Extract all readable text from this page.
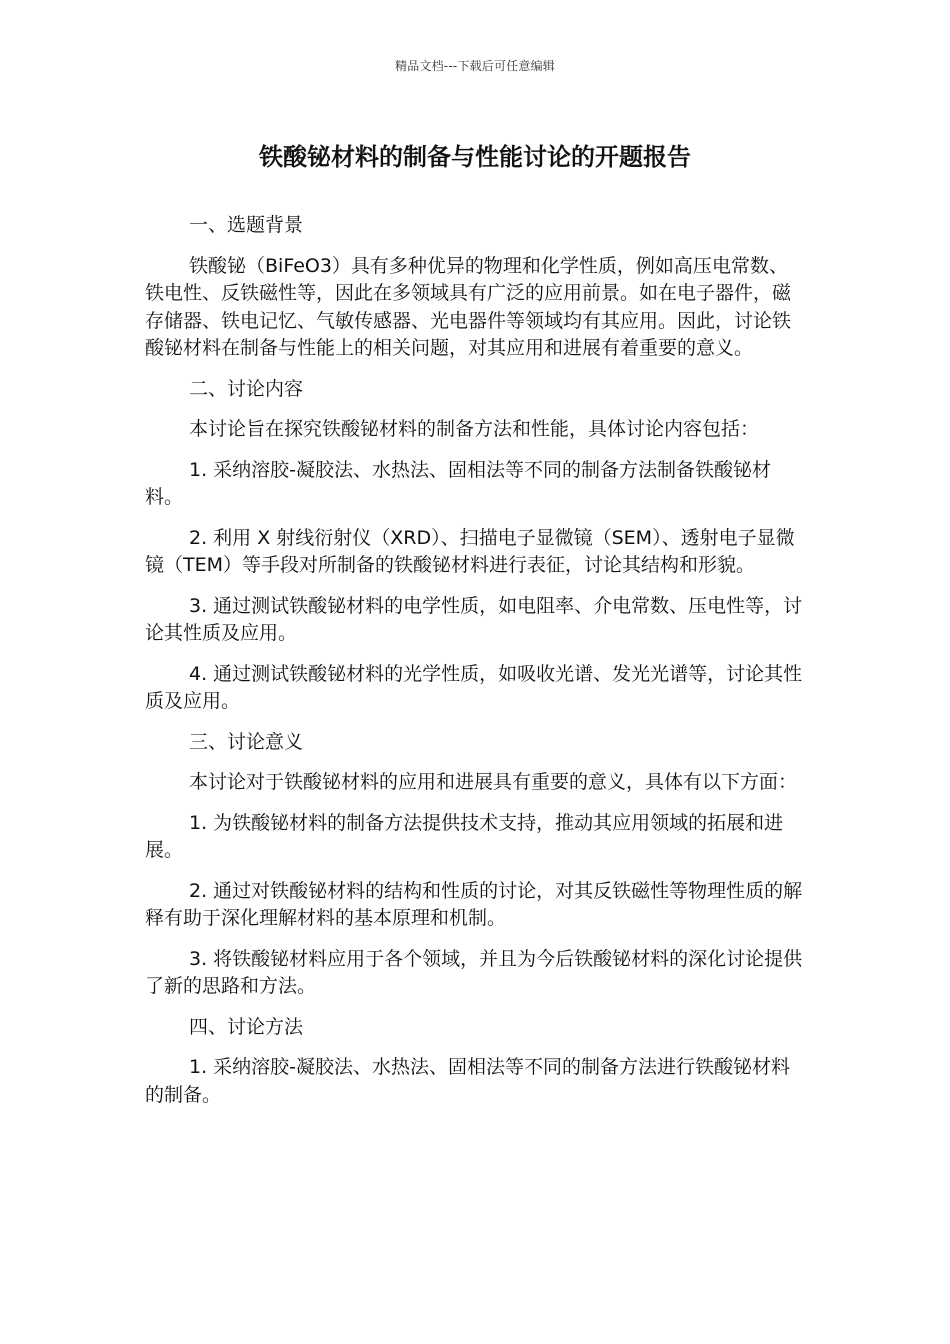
精品文档---下载后可任意编辑
铁酸铋材料的制备与性能讨论的开题报告

一、选题背景

铁酸铋（BiFeO3）具有多种优异的物理和化学性质，例如高压电常数、铁电性、反铁磁性等，因此在多领域具有广泛的应用前景。如在电子器件，磁存储器、铁电记忆、气敏传感器、光电器件等领域均有其应用。因此，讨论铁酸铋材料在制备与性能上的相关问题，对其应用和进展有着重要的意义。

二、讨论内容

本讨论旨在探究铁酸铋材料的制备方法和性能，具体讨论内容包括：

1. 采纳溶胶-凝胶法、水热法、固相法等不同的制备方法制备铁酸铋材料。

2. 利用 X 射线衍射仪（XRD）、扫描电子显微镜（SEM）、透射电子显微镜（TEM）等手段对所制备的铁酸铋材料进行表征，讨论其结构和形貌。

3. 通过测试铁酸铋材料的电学性质，如电阻率、介电常数、压电性等，讨论其性质及应用。

4. 通过测试铁酸铋材料的光学性质，如吸收光谱、发光光谱等，讨论其性质及应用。

三、讨论意义

本讨论对于铁酸铋材料的应用和进展具有重要的意义，具体有以下方面：

1. 为铁酸铋材料的制备方法提供技术支持，推动其应用领域的拓展和进展。

2. 通过对铁酸铋材料的结构和性质的讨论，对其反铁磁性等物理性质的解释有助于深化理解材料的基本原理和机制。

3. 将铁酸铋材料应用于各个领域，并且为今后铁酸铋材料的深化讨论提供了新的思路和方法。

四、讨论方法

1. 采纳溶胶-凝胶法、水热法、固相法等不同的制备方法进行铁酸铋材料的制备。
